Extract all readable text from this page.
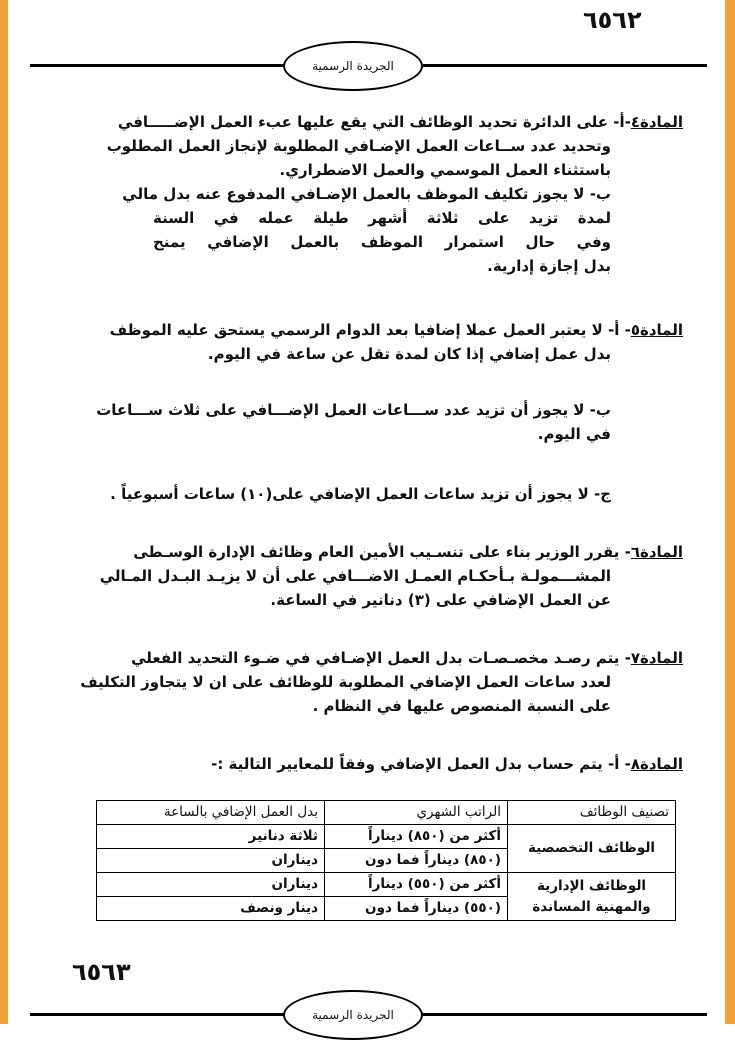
٦٥٦٢
الجريدة الرسمية
المادة٤-أ- على الدائرة تحديد الوظائف التي يقع عليها عبء العمل الإضـــــافي
وتحديد عدد ســاعات العمل الإضـافي المطلوبة لإنجاز العمل المطلوب
باستثناء العمل الموسمي والعمل الاضطراري.
ب- لا يجوز تكليف الموظف بالعمل الإضـافي المدفوع عنه بدل مالي
لمدة تزيد على ثلاثة أشهر طيلة عمله في السنة
وفي حال استمرار الموظف بالعمل الإضافي يمنح
بدل إجازة إدارية.
المادة٥- أ- لا يعتبر العمل عملا إضافيا بعد الدوام الرسمي يستحق عليه الموظف
بدل عمل إضافي إذا كان لمدة تقل عن ساعة في اليوم.
ب- لا يجوز أن تزيد عدد ســـاعات العمل الإضـــافي على ثلاث ســـاعات
في اليوم.
ج- لا يجوز أن تزيد ساعات العمل الإضافي على(١٠) ساعات أسبوعياً .
المادة٦- يقرر الوزير بناء على تنسـيب الأمين العام وظائف الإدارة الوسـطى
المشـــمولـة بـأحكـام العمـل الاضـــافي على أن لا يزيـد البـدل المـالي
عن العمل الإضافي على (٣) دنانير في الساعة.
المادة٧- يتم رصـد مخصـصـات بدل العمل الإضـافي في ضـوء التحديد الفعلي
لعدد ساعات العمل الإضافي المطلوبة للوظائف على ان لا يتجاوز التكليف
على النسبة المنصوص عليها في النظام .
المادة٨- أ- يتم حساب بدل العمل الإضافي وفقاً للمعايير التالية :-
تصنيف الوظائف	الراتب الشهري	بدل العمل الإضافي بالساعة
الوظائف التخصصية	أكثر من (٨٥٠) ديناراً	ثلاثة دنانير
	(٨٥٠) ديناراً فما دون	ديناران
الوظائف الإدارية والمهنية المساندة	أكثر من (٥٥٠) ديناراً	ديناران
	(٥٥٠) ديناراً فما دون	دينار ونصف
٦٥٦٣
الجريدة الرسمية
